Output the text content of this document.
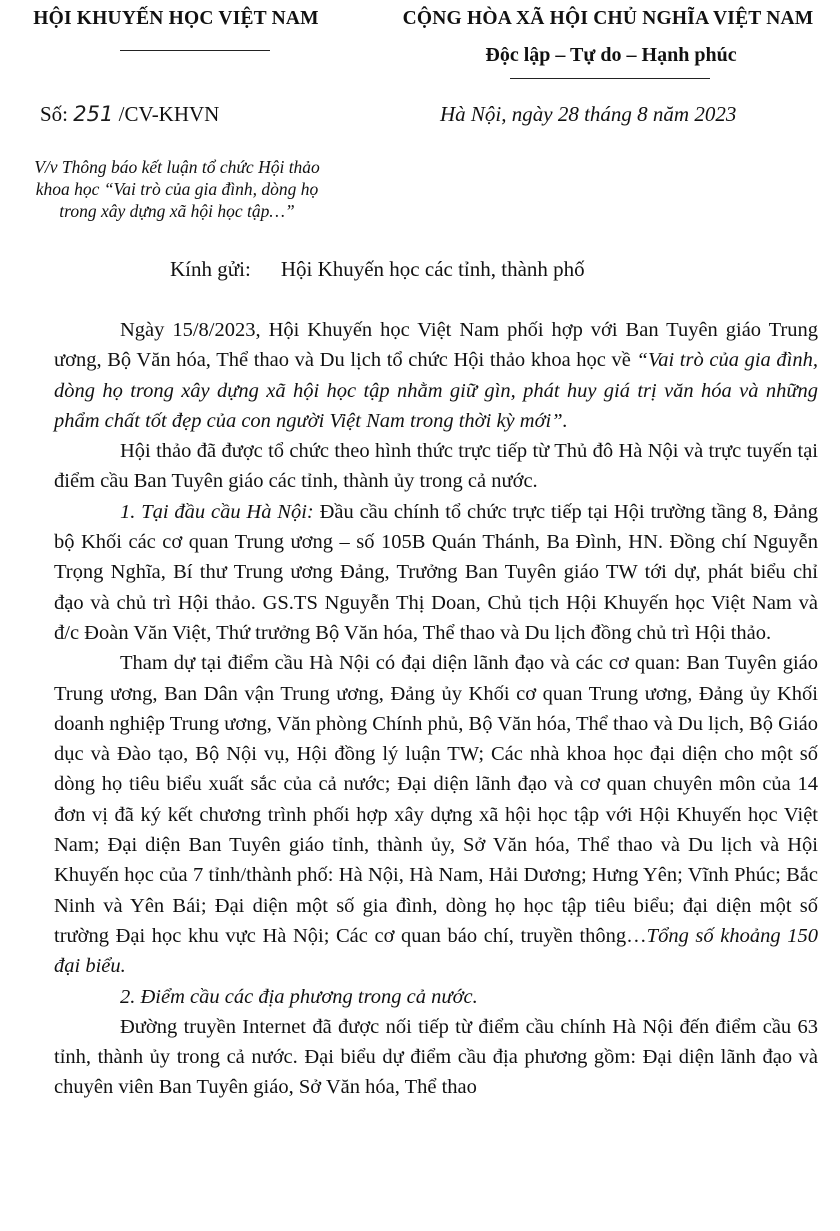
HỘI KHUYẾN HỌC VIỆT NAM	CỘNG HÒA XÃ HỘI CHỦ NGHĨA VIỆT NAM
Độc lập – Tự do – Hạnh phúc
Số: 251 /CV-KHVN	Hà Nội, ngày 28 tháng 8 năm 2023
V/v Thông báo kết luận tổ chức Hội thảo
khoa học “Vai trò của gia đình, dòng họ
trong xây dựng xã hội học tập…”
Kính gửi: Hội Khuyến học các tỉnh, thành phố

Ngày 15/8/2023, Hội Khuyến học Việt Nam phối hợp với Ban Tuyên giáo Trung ương, Bộ Văn hóa, Thể thao và Du lịch tổ chức Hội thảo khoa học về “Vai trò của gia đình, dòng họ trong xây dựng xã hội học tập nhằm giữ gìn, phát huy giá trị văn hóa và những phẩm chất tốt đẹp của con người Việt Nam trong thời kỳ mới”.

Hội thảo đã được tổ chức theo hình thức trực tiếp từ Thủ đô Hà Nội và trực tuyến tại điểm cầu Ban Tuyên giáo các tỉnh, thành ủy trong cả nước.

1. Tại đầu cầu Hà Nội: Đầu cầu chính tổ chức trực tiếp tại Hội trường tầng 8, Đảng bộ Khối các cơ quan Trung ương – số 105B Quán Thánh, Ba Đình, HN. Đồng chí Nguyễn Trọng Nghĩa, Bí thư Trung ương Đảng, Trưởng Ban Tuyên giáo TW tới dự, phát biểu chỉ đạo và chủ trì Hội thảo. GS.TS Nguyễn Thị Doan, Chủ tịch Hội Khuyến học Việt Nam và đ/c Đoàn Văn Việt, Thứ trưởng Bộ Văn hóa, Thể thao và Du lịch đồng chủ trì Hội thảo.

Tham dự tại điểm cầu Hà Nội có đại diện lãnh đạo và các cơ quan: Ban Tuyên giáo Trung ương, Ban Dân vận Trung ương, Đảng ủy Khối cơ quan Trung ương, Đảng ủy Khối doanh nghiệp Trung ương, Văn phòng Chính phủ, Bộ Văn hóa, Thể thao và Du lịch, Bộ Giáo dục và Đào tạo, Bộ Nội vụ, Hội đồng lý luận TW; Các nhà khoa học đại diện cho một số dòng họ tiêu biểu xuất sắc của cả nước; Đại diện lãnh đạo và cơ quan chuyên môn của 14 đơn vị đã ký kết chương trình phối hợp xây dựng xã hội học tập với Hội Khuyến học Việt Nam; Đại diện Ban Tuyên giáo tỉnh, thành ủy, Sở Văn hóa, Thể thao và Du lịch và Hội Khuyến học của 7 tỉnh/thành phố: Hà Nội, Hà Nam, Hải Dương; Hưng Yên; Vĩnh Phúc; Bắc Ninh và Yên Bái; Đại diện một số gia đình, dòng họ học tập tiêu biểu; đại diện một số trường Đại học khu vực Hà Nội; Các cơ quan báo chí, truyền thông…Tổng số khoảng 150 đại biểu.

2. Điểm cầu các địa phương trong cả nước.

Đường truyền Internet đã được nối tiếp từ điểm cầu chính Hà Nội đến điểm cầu 63 tỉnh, thành ủy trong cả nước. Đại biểu dự điểm cầu địa phương gồm: Đại diện lãnh đạo và chuyên viên Ban Tuyên giáo, Sở Văn hóa, Thể thao
